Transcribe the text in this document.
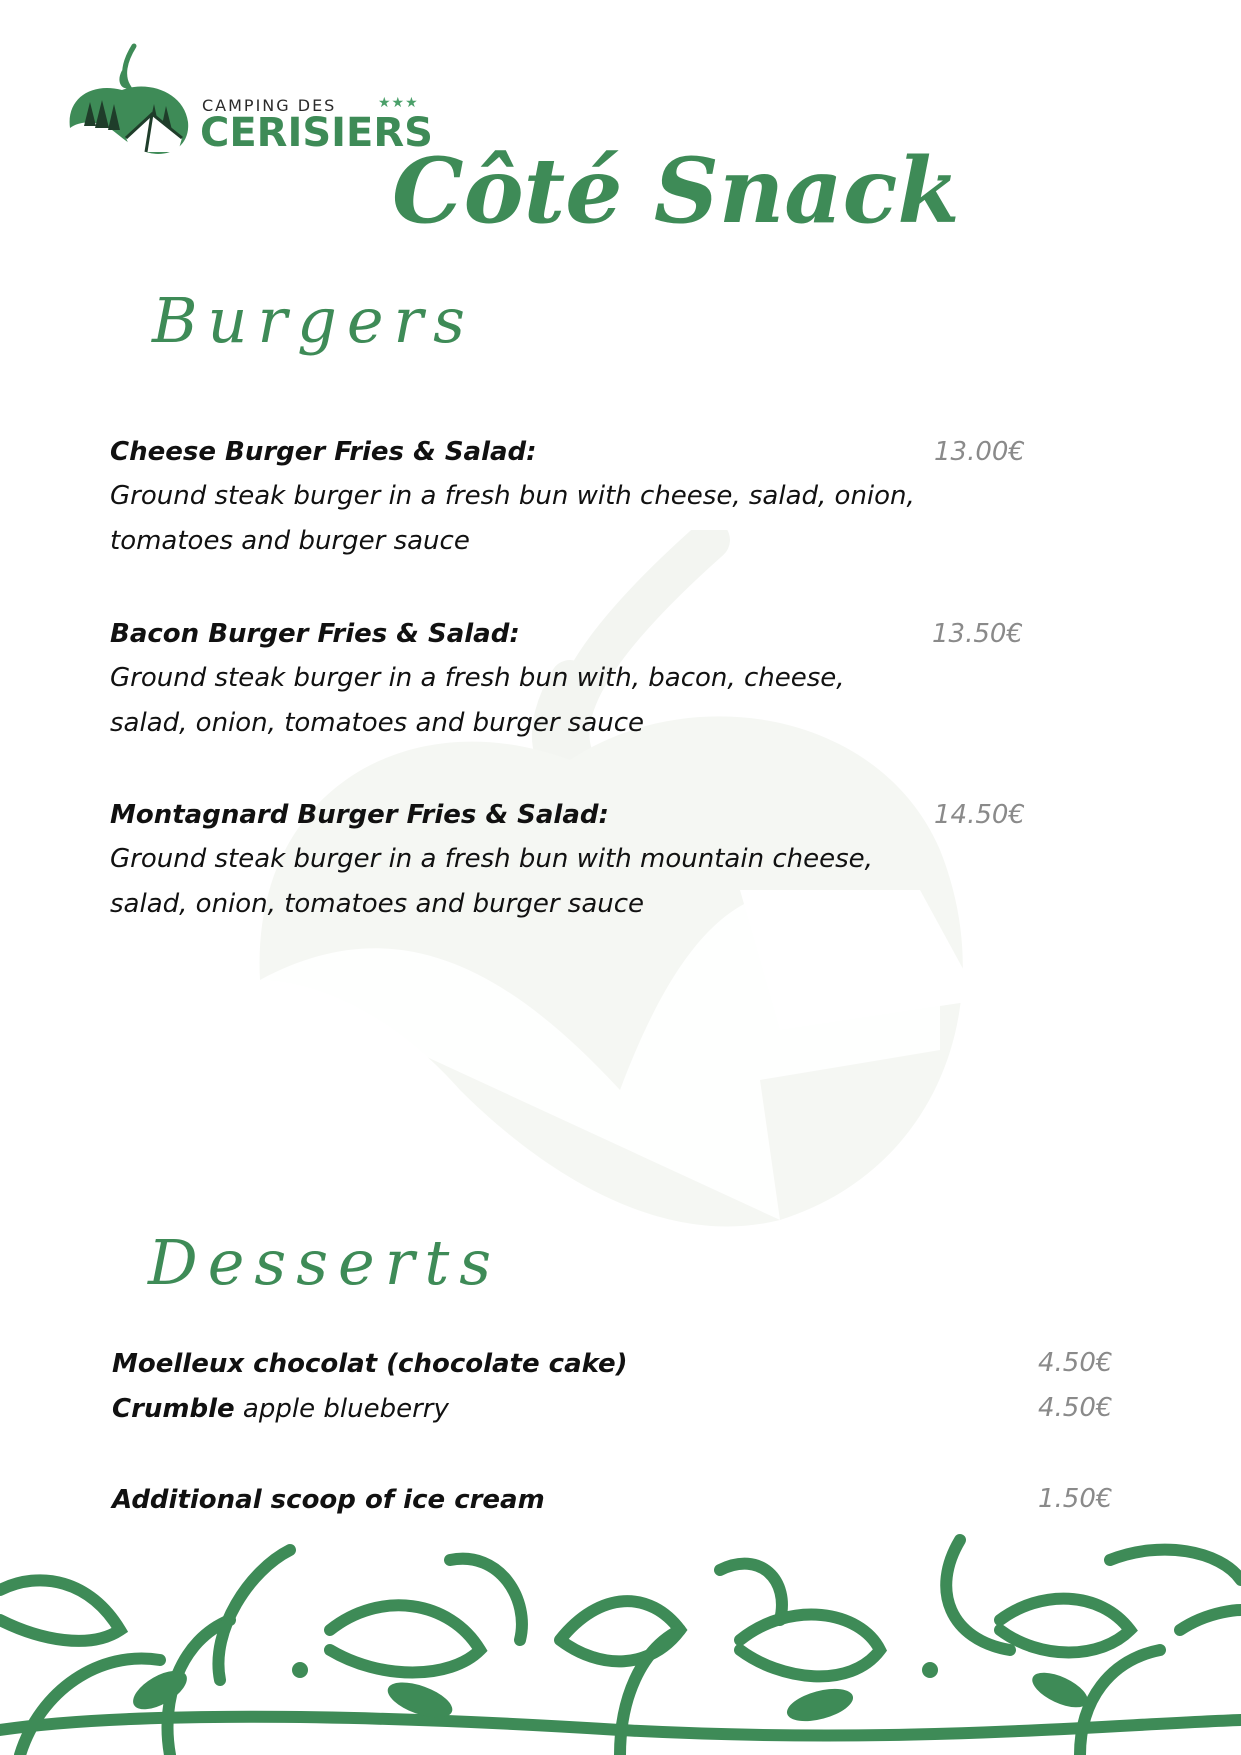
CAMPING DES	★★★
CERISIERS
Côté Snack
Burgers
Cheese Burger Fries & Salad:
Ground steak burger in a fresh bun with cheese, salad, onion,
tomatoes and burger sauce
13.00€
Bacon Burger Fries & Salad:
Ground steak burger in a fresh bun with, bacon, cheese,
salad, onion, tomatoes and burger sauce
13.50€
Montagnard Burger Fries & Salad:
Ground steak burger in a fresh bun with mountain cheese,
salad, onion, tomatoes and burger sauce
14.50€
Desserts
Moelleux chocolat (chocolate cake)	4.50€
Crumble apple blueberry	4.50€
Additional scoop of ice cream	1.50€
